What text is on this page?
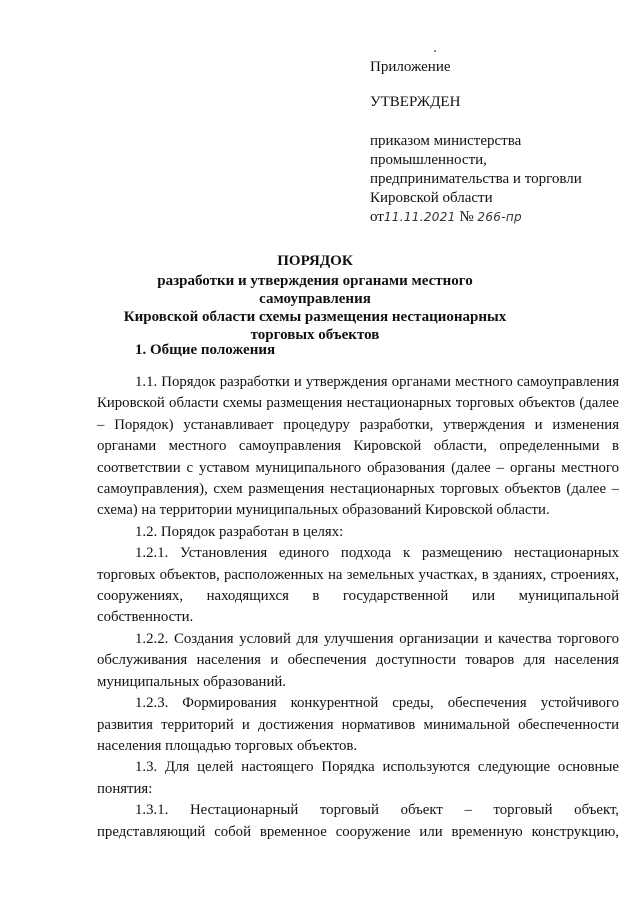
Приложение
УТВЕРЖДЕН
приказом министерства
промышленности,
предпринимательства и торговли
Кировской области
от11.11.2021 № 266-пр
ПОРЯДОК
разработки и утверждения органами местного самоуправления
Кировской области схемы размещения нестационарных
торговых объектов
1. Общие положения

1.1. Порядок разработки и утверждения органами местного самоуправления Кировской области схемы размещения нестационарных торговых объектов (далее – Порядок) устанавливает процедуру разработки, утверждения и изменения органами местного самоуправления Кировской области, определенными в соответствии с уставом муниципального образования (далее – органы местного самоуправления), схем размещения нестационарных торговых объектов (далее – схема) на территории муниципальных образований Кировской области.

1.2. Порядок разработан в целях:

1.2.1. Установления единого подхода к размещению нестационарных торговых объектов, расположенных на земельных участках, в зданиях, строениях, сооружениях, находящихся в государственной или муниципальной собственности.

1.2.2. Создания условий для улучшения организации и качества торгового обслуживания населения и обеспечения доступности товаров для населения муниципальных образований.

1.2.3. Формирования конкурентной среды, обеспечения устойчивого развития территорий и достижения нормативов минимальной обеспеченности населения площадью торговых объектов.

1.3. Для целей настоящего Порядка используются следующие основные понятия:

1.3.1. Нестационарный торговый объект – торговый объект, представляющий собой временное сооружение или временную конструкцию,
